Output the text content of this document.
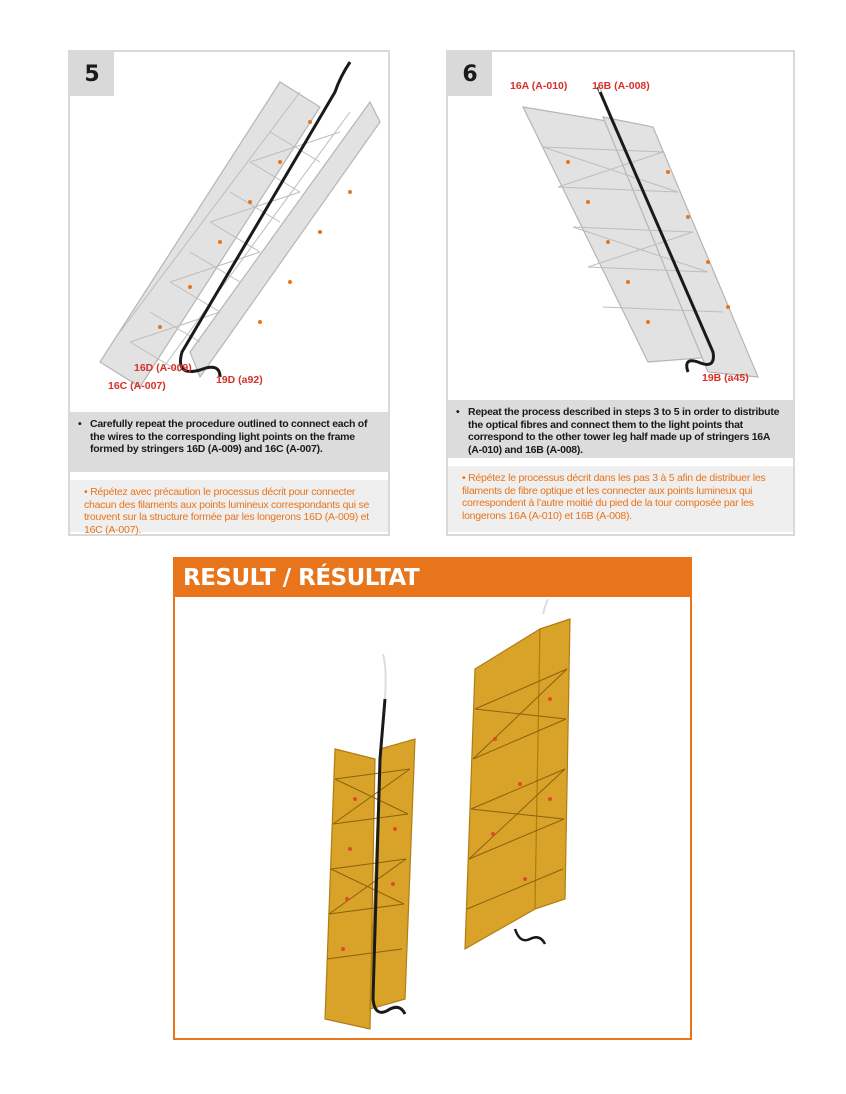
5
16D (A-009)
16C (A-007)	19D (a92)
• Carefully repeat the procedure outlined to connect each of the wires to the corresponding light points on the frame formed by stringers 16D (A-009) and 16C (A-007).
• Répétez avec précaution le processus décrit pour connecter chacun des filaments aux points lumineux correspondants qui se trouvent sur la structure formée par les longerons 16D (A-009) et 16C (A-007).
6	16A (A-010) 16B (A-008)
19B (a45)
• Repeat the process described in steps 3 to 5 in order to distribute the optical fibres and connect them to the light points that correspond to the other tower leg half made up of stringers 16A (A-010) and 16B (A-008).
• Répétez le processus décrit dans les pas 3 à 5 afin de distribuer les filaments de fibre optique et les connecter aux points lumineux qui correspondent à l’autre moitié du pied de la tour composée par les longerons 16A (A-010) et 16B (A-008).
RESULT / RÉSULTAT
